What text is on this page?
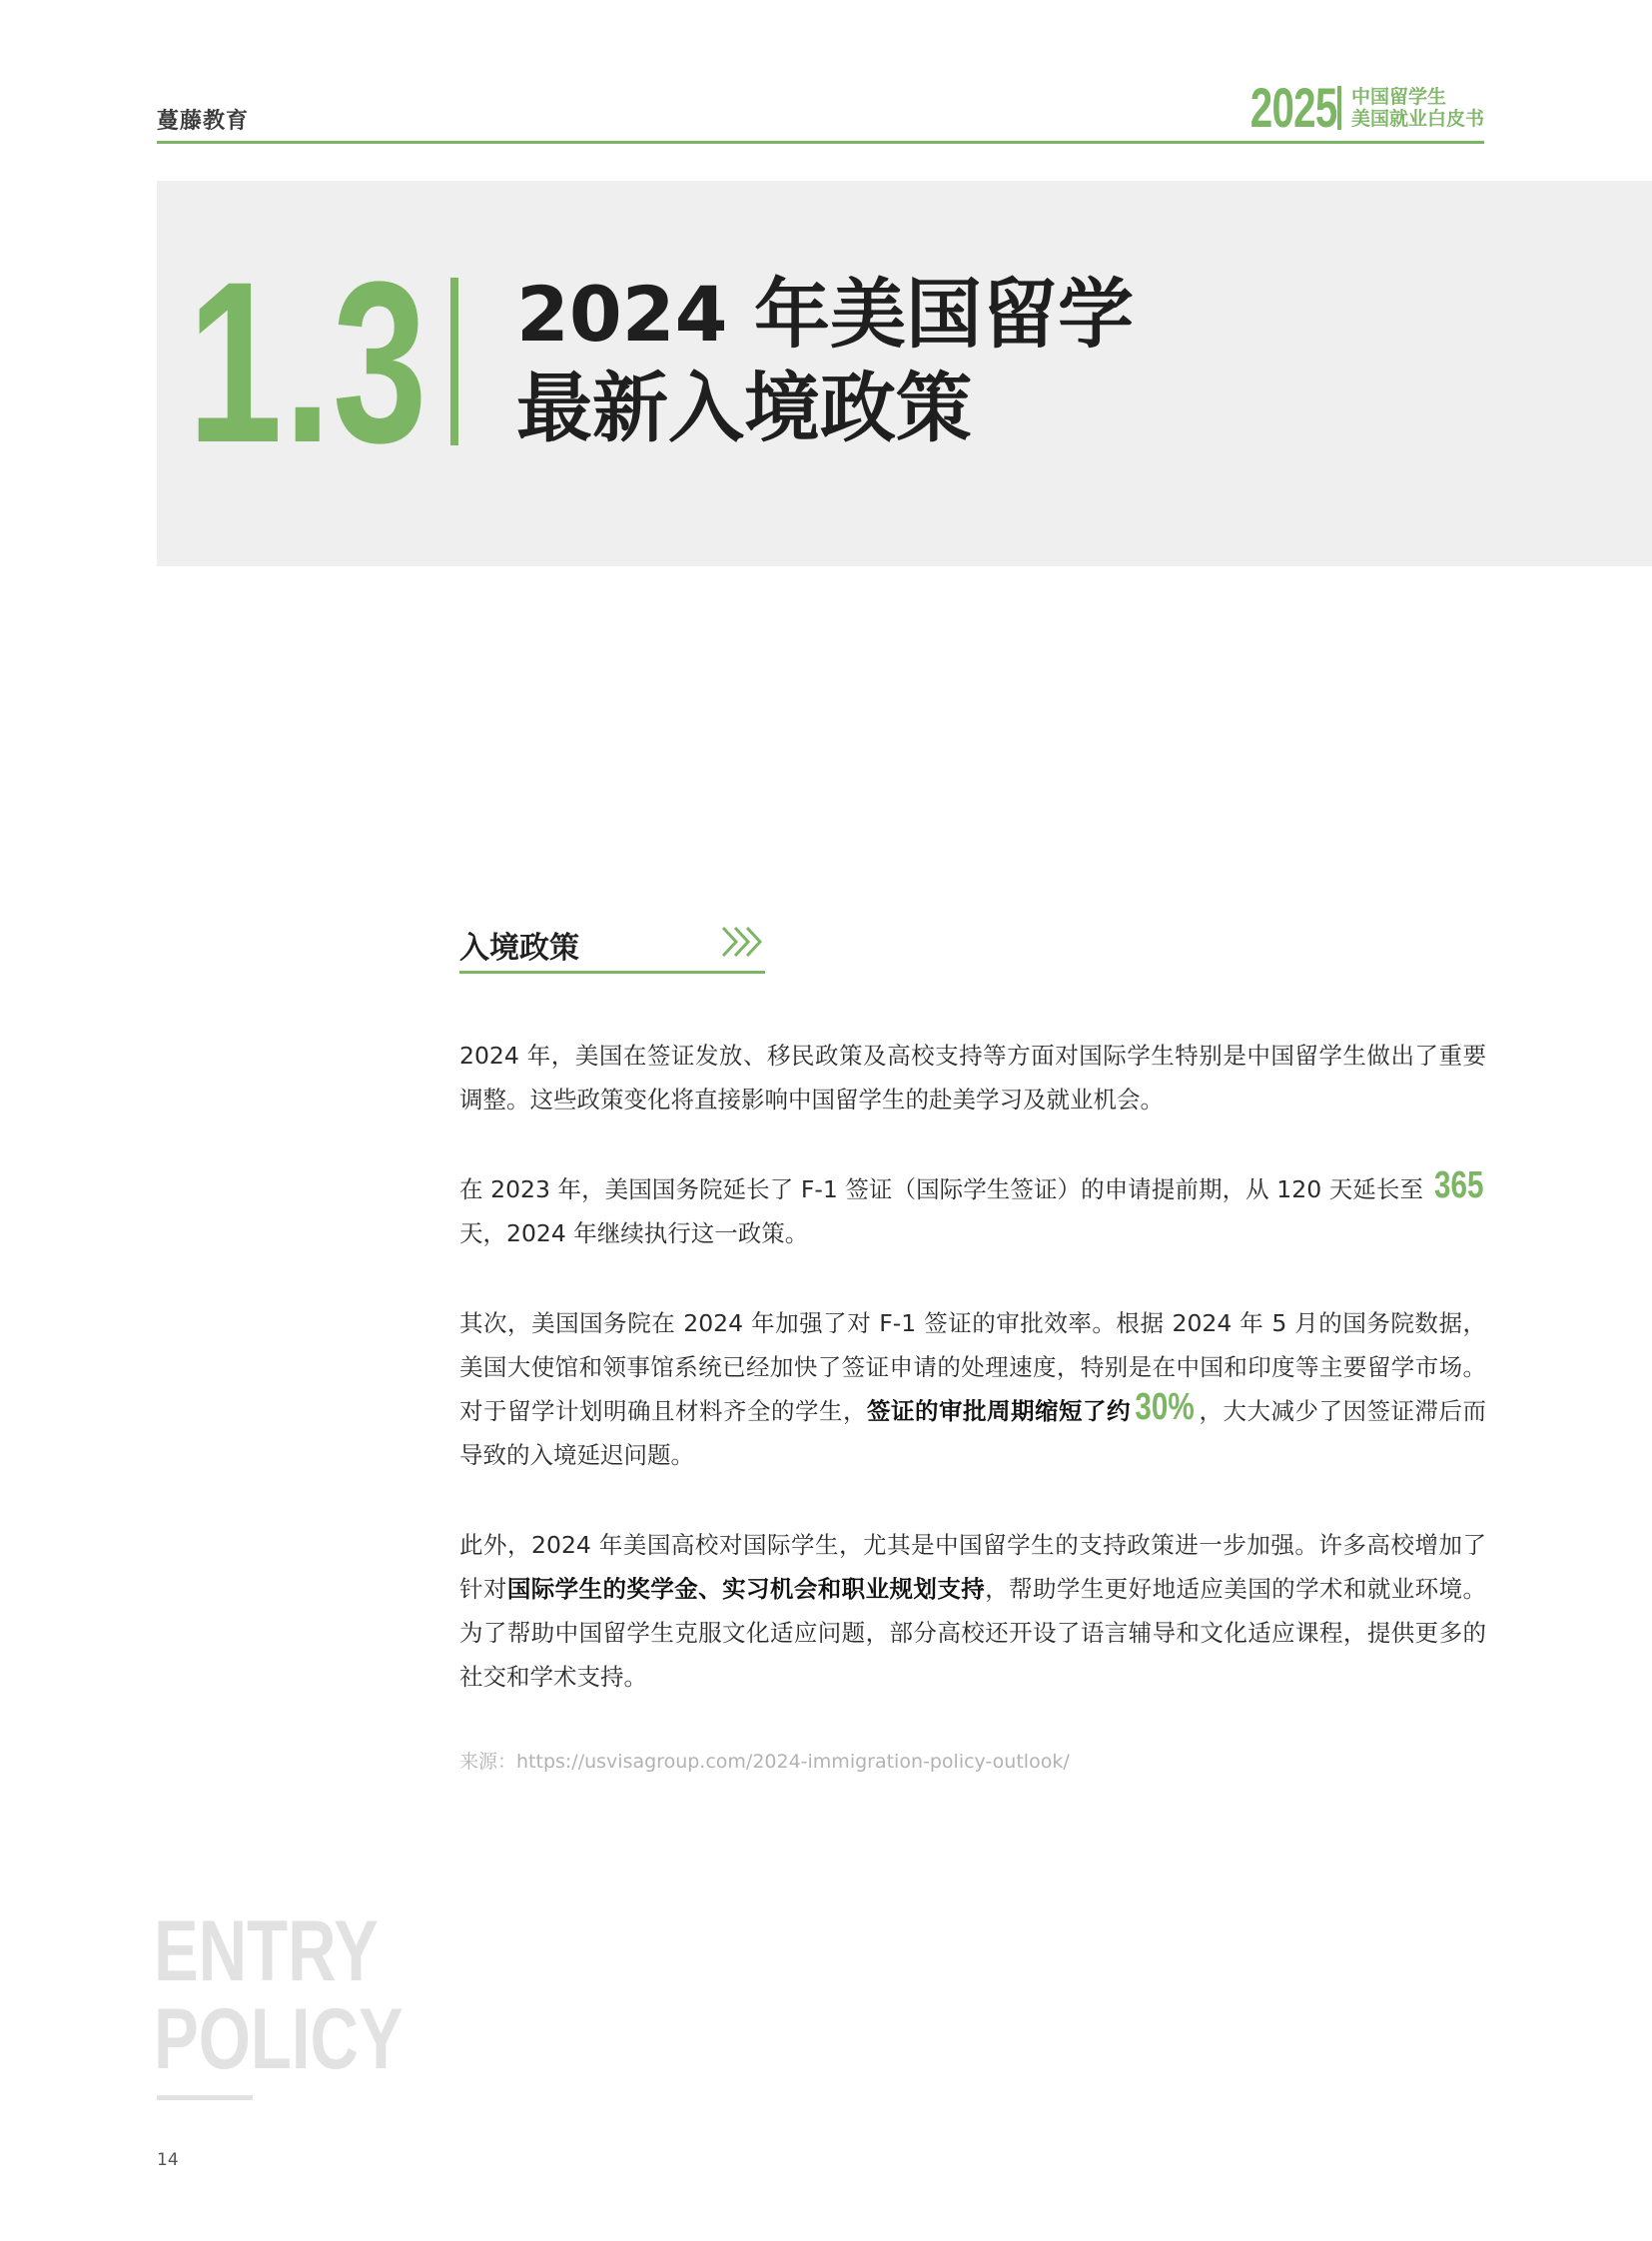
蔓藤教育	2025 中国留学生
美国就业白皮书
1.3 2024 年美国留学
最新入境政策
入境政策

2024 年，美国在签证发放、移民政策及高校支持等方面对国际学生特别是中国留学生做出了重要调整。这些政策变化将直接影响中国留学生的赴美学习及就业机会。

在 2023 年，美国国务院延长了 F-1 签证（国际学生签证）的申请提前期，从 120 天延长至 365 天，2024 年继续执行这一政策。

其次，美国国务院在 2024 年加强了对 F-1 签证的审批效率。根据 2024 年 5 月的国务院数据，美国大使馆和领事馆系统已经加快了签证申请的处理速度，特别是在中国和印度等主要留学市场。对于留学计划明确且材料齐全的学生，签证的审批周期缩短了约 30% ，大大减少了因签证滞后而导致的入境延迟问题。

此外，2024 年美国高校对国际学生，尤其是中国留学生的支持政策进一步加强。许多高校增加了针对国际学生的奖学金、实习机会和职业规划支持，帮助学生更好地适应美国的学术和就业环境。为了帮助中国留学生克服文化适应问题，部分高校还开设了语言辅导和文化适应课程，提供更多的社交和学术支持。

来源：https://usvisagroup.com/2024-immigration-policy-outlook/
ENTRY
POLICY
14
